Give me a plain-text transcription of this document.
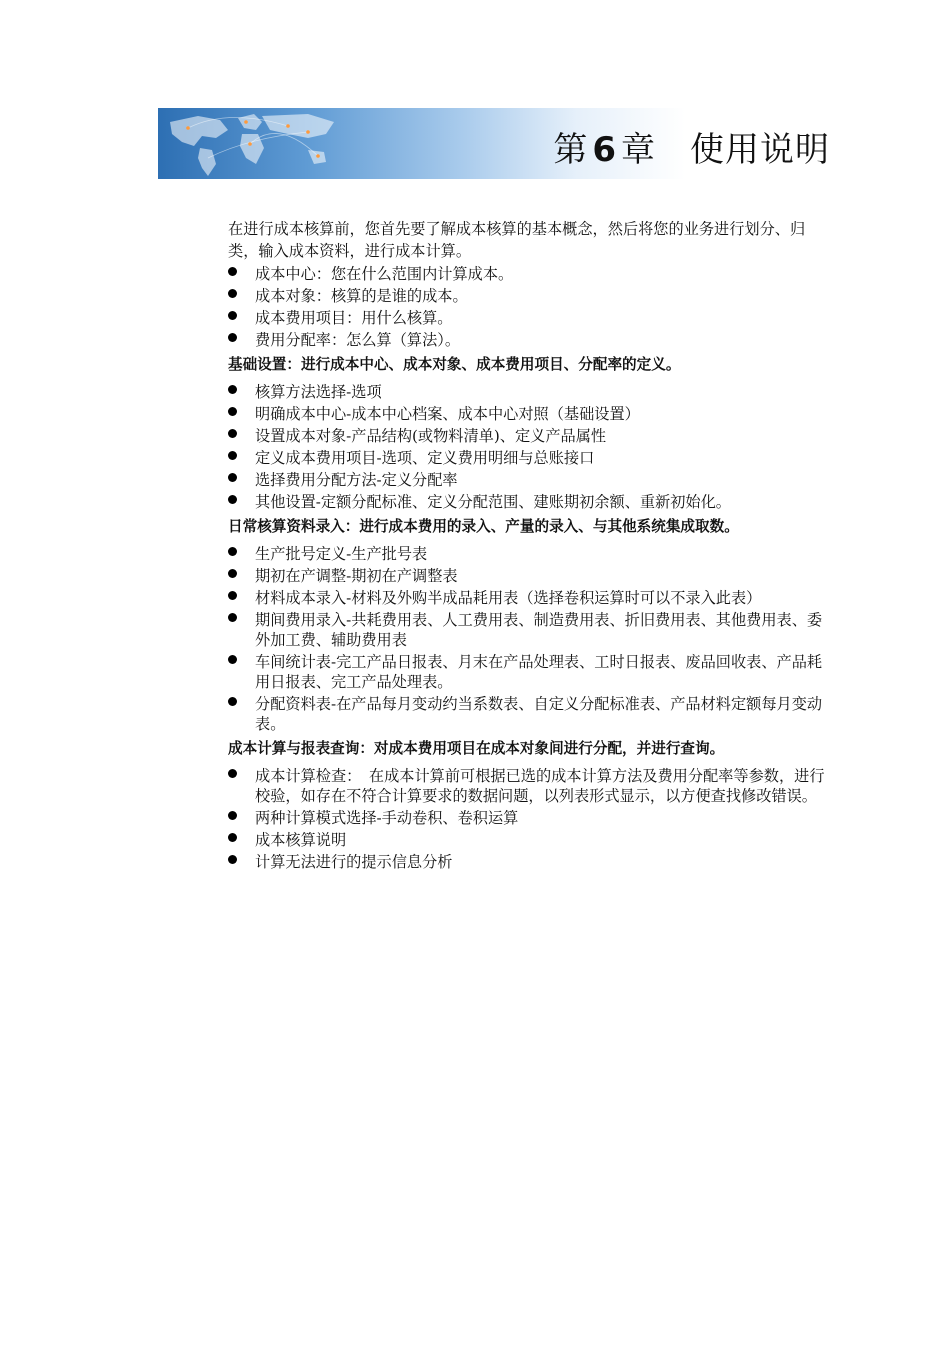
第 6 章 使用说明

在进行成本核算前，您首先要了解成本核算的基本概念，然后将您的业务进行划分、归类，输入成本资料，进行成本计算。

成本中心：您在什么范围内计算成本。
成本对象：核算的是谁的成本。
成本费用项目：用什么核算。
费用分配率：怎么算（算法）。
基础设置：进行成本中心、成本对象、成本费用项目、分配率的定义。
核算方法选择-选项
明确成本中心-成本中心档案、成本中心对照（基础设置）
设置成本对象-产品结构(或物料清单)、定义产品属性
定义成本费用项目-选项、定义费用明细与总账接口
选择费用分配方法-定义分配率
其他设置-定额分配标准、定义分配范围、建账期初余额、重新初始化。
日常核算资料录入：进行成本费用的录入、产量的录入、与其他系统集成取数。
生产批号定义-生产批号表
期初在产调整-期初在产调整表
材料成本录入-材料及外购半成品耗用表（选择卷积运算时可以不录入此表）
期间费用录入-共耗费用表、人工费用表、制造费用表、折旧费用表、其他费用表、委外加工费、辅助费用表
车间统计表-完工产品日报表、月末在产品处理表、工时日报表、废品回收表、产品耗用日报表、完工产品处理表。
分配资料表-在产品每月变动约当系数表、自定义分配标准表、产品材料定额每月变动表。
成本计算与报表查询：对成本费用项目在成本对象间进行分配，并进行查询。
成本计算检查：　在成本计算前可根据已选的成本计算方法及费用分配率等参数，进行校验，如存在不符合计算要求的数据问题，以列表形式显示，以方便查找修改错误。
两种计算模式选择-手动卷积、卷积运算
成本核算说明
计算无法进行的提示信息分析
